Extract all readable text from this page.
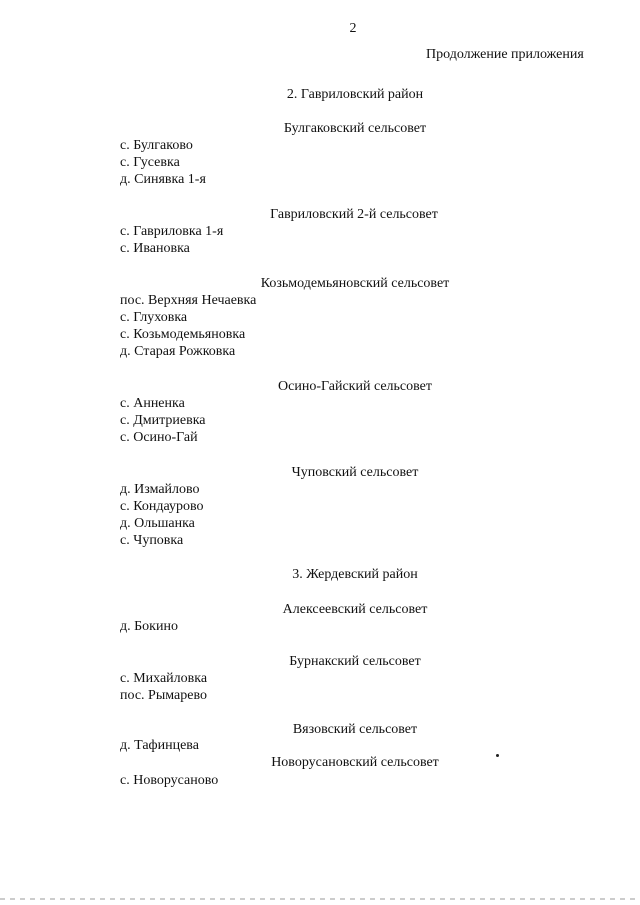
2
Продолжение приложения
2. Гавриловский район
Булгаковский сельсовет
с. Булгаково
с. Гусевка
д. Синявка 1-я
Гавриловский 2-й сельсовет
с. Гавриловка 1-я
с. Ивановка
Козьмодемьяновский сельсовет
пос. Верхняя Нечаевка
с. Глуховка
с. Козьмодемьяновка
д. Старая Рожковка
Осино-Гайский сельсовет
с. Анненка
с. Дмитриевка
с. Осино-Гай
Чуповский сельсовет
д. Измайлово
с. Кондаурово
д. Ольшанка
с. Чуповка
3. Жердевский район
Алексеевский сельсовет
д. Бокино
Бурнакский сельсовет
с. Михайловка
пос. Рымарево
Вязовский сельсовет
д. Тафинцева
Новорусановский сельсовет
с. Новорусаново
